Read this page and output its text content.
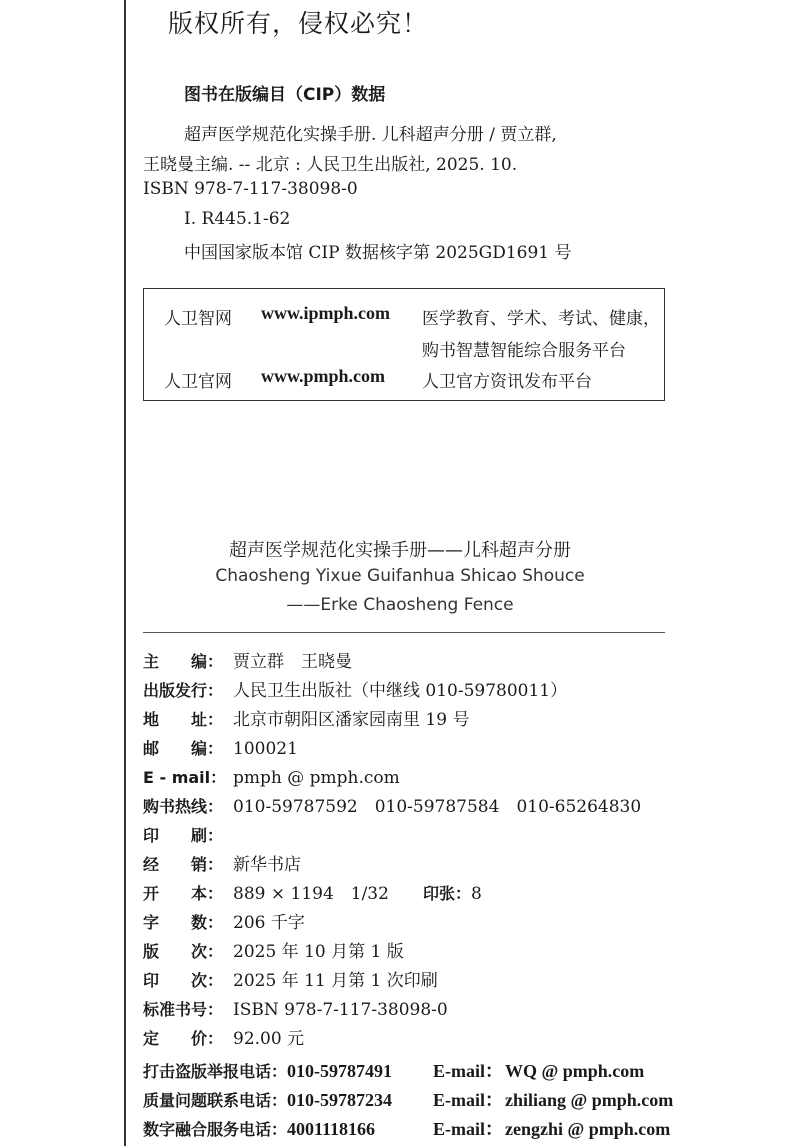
版权所有，侵权必究！
图书在版编目（CIP）数据
超声医学规范化实操手册. 儿科超声分册 / 贾立群,
王晓曼主编. -- 北京 : 人民卫生出版社, 2025. 10.
ISBN 978-7-117-38098-0
Ⅰ. R445.1-62
中国国家版本馆 CIP 数据核字第 2025GD1691 号
人卫智网 www.ipmph.com 医学教育、学术、考试、健康，
购书智慧智能综合服务平台
人卫官网 www.pmph.com 人卫官方资讯发布平台
超声医学规范化实操手册——儿科超声分册
Chaosheng Yixue Guifanhua Shicao Shouce
——Erke Chaosheng Fence
主　　编： 贾立群　王晓曼
出版发行： 人民卫生出版社（中继线 010-59780011）
地　　址： 北京市朝阳区潘家园南里 19 号
邮　　编： 100021
E - mail： pmph @ pmph.com
购书热线： 010-59787592　010-59787584　010-65264830
印　　刷：
经　　销： 新华书店
开　　本： 889 × 1194　1/32 印张：8
字　　数： 206 千字
版　　次： 2025 年 10 月第 1 版
印　　次： 2025 年 11 月第 1 次印刷
标准书号： ISBN 978-7-117-38098-0
定　　价： 92.00 元
打击盗版举报电话：010-59787491 E-mail： WQ @ pmph.com
质量问题联系电话：010-59787234 E-mail： zhiliang @ pmph.com
数字融合服务电话：4001118166	E-mail： zengzhi @ pmph.com
